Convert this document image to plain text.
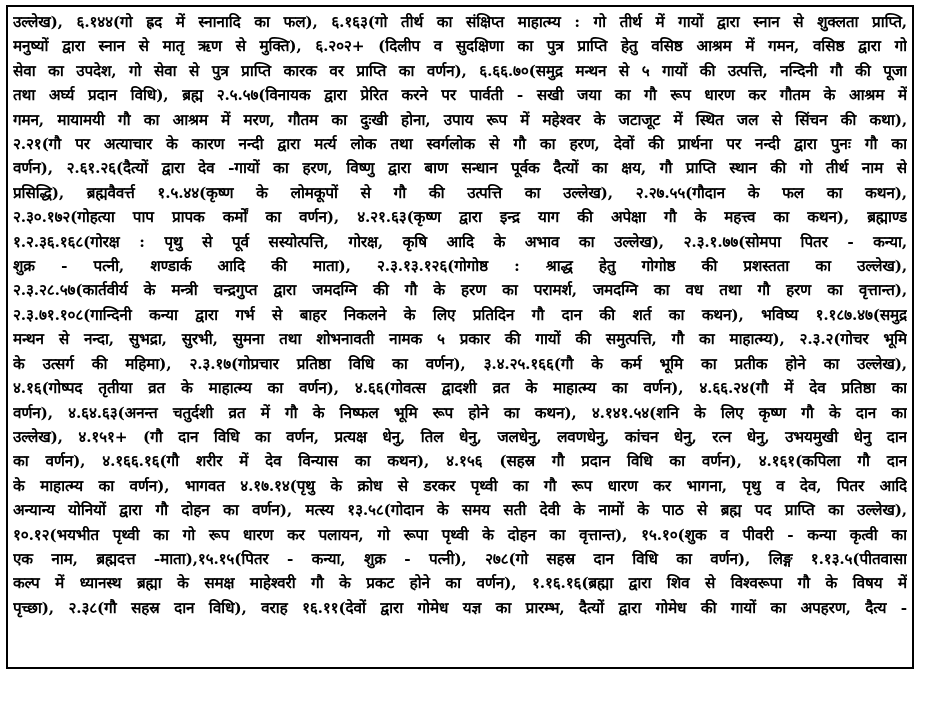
उल्लेख), ६.१४४(गो ह्रद में स्नानादि का फल), ६.१६३(गो तीर्थ का संक्षिप्त माहात्म्य : गो तीर्थ में गायों द्वारा स्नान से शुक्लता प्राप्ति,

मनुष्यों द्वारा स्नान से मातृ ऋण से मुक्ति), ६.२०२+ (दिलीप व सुदक्षिणा का पुत्र प्राप्ति हेतु वसिष्ठ आश्रम में गमन, वसिष्ठ द्वारा गो

सेवा का उपदेश, गो सेवा से पुत्र प्राप्ति कारक वर प्राप्ति का वर्णन), ६.६६.७०(समुद्र मन्थन से ५ गायों की उत्पत्ति, नन्दिनी गौ की पूजा

तथा अर्घ्य प्रदान विधि), ब्रह्म २.५.५७(विनायक द्वारा प्रेरित करने पर पार्वती - सखी जया का गौ रूप धारण कर गौतम के आश्रम में

गमन, मायामयी गौ का आश्रम में मरण, गौतम का दुःखी होना, उपाय रूप में महेश्वर के जटाजूट में स्थित जल से सिंचन की कथा),

२.२१(गौ पर अत्याचार के कारण नन्दी द्वारा मर्त्य लोक तथा स्वर्गलोक से गौ का हरण, देवों की प्रार्थना पर नन्दी द्वारा पुनः गौ का

वर्णन), २.६१.२६(दैत्यों द्वारा देव -गायों का हरण, विष्णु द्वारा बाण सन्धान पूर्वक दैत्यों का क्षय, गौ प्राप्ति स्थान की गो तीर्थ नाम से

प्रसिद्धि), ब्रह्मवैवर्त्त १.५.४४(कृष्ण के लोमकूपों से गौ की उत्पत्ति का उल्लेख), २.२७.५५(गौदान के फल का कथन),

२.३०.१७२(गोहत्या पाप प्रापक कर्मों का वर्णन), ४.२१.६३(कृष्ण द्वारा इन्द्र याग की अपेक्षा गौ के महत्त्व का कथन), ब्रह्माण्ड

१.२.३६.१६८(गोरक्ष : पृथु से पूर्व सस्योत्पत्ति, गोरक्ष, कृषि आदि के अभाव का उल्लेख), २.३.१.७७(सोमपा पितर - कन्या,

शुक्र - पत्नी, शण्डार्क आदि की माता), २.३.१३.१२६(गोगोष्ठ : श्राद्ध हेतु गोगोष्ठ की प्रशस्तता का उल्लेख),

२.३.२८.५७(कार्तवीर्य के मन्त्री चन्द्रगुप्त द्वारा जमदग्नि की गौ के हरण का परामर्श, जमदग्नि का वध तथा गौ हरण का वृत्तान्त),

२.३.७१.१०८(गान्दिनी कन्या द्वारा गर्भ से बाहर निकलने के लिए प्रतिदिन गौ दान की शर्त का कथन), भविष्य १.१८७.४७(समुद्र

मन्थन से नन्दा, सुभद्रा, सुरभी, सुमना तथा शोभनावती नामक ५ प्रकार की गायों की समुत्पत्ति, गौ का माहात्म्य), २.३.२(गोचर भूमि

के उत्सर्ग की महिमा), २.३.१७(गोप्रचार प्रतिष्ठा विधि का वर्णन), ३.४.२५.१६६(गौ के कर्म भूमि का प्रतीक होने का उल्लेख),

४.१६(गोष्पद तृतीया व्रत के माहात्म्य का वर्णन), ४.६६(गोवत्स द्वादशी व्रत के माहात्म्य का वर्णन), ४.६६.२४(गौ में देव प्रतिष्ठा का

वर्णन), ४.६४.६३(अनन्त चतुर्दशी व्रत में गौ के निष्फल भूमि रूप होने का कथन), ४.१४१.५४(शनि के लिए कृष्ण गौ के दान का

उल्लेख), ४.१५१+ (गौ दान विधि का वर्णन, प्रत्यक्ष धेनु, तिल धेनु, जलधेनु, लवणधेनु, कांचन धेनु, रत्न धेनु, उभयमुखी धेनु दान

का वर्णन), ४.१६६.१६(गौ शरीर में देव विन्यास का कथन), ४.१५६ (सहस्र गौ प्रदान विधि का वर्णन), ४.१६१(कपिला गौ दान

के माहात्म्य का वर्णन), भागवत ४.१७.१४(पृथु के क्रोध से डरकर पृथ्वी का गौ रूप धारण कर भागना, पृथु व देव, पितर आदि

अन्यान्य योनियों द्वारा गौ दोहन का वर्णन), मत्स्य १३.५८(गोदान के समय सती देवी के नामों के पाठ से ब्रह्म पद प्राप्ति का उल्लेख),

१०.१२(भयभीत पृथ्वी का गो रूप धारण कर पलायन, गो रूपा पृथ्वी के दोहन का वृत्तान्त), १५.१०(शुक व पीवरी - कन्या कृत्वी का

एक नाम, ब्रह्मदत्त -माता),१५.१५(पितर - कन्या, शुक्र - पत्नी), २७८(गो सहस्र दान विधि का वर्णन), लिङ्ग १.१३.५(पीतवासा

कल्प में ध्यानस्थ ब्रह्मा के समक्ष माहेश्वरी गौ के प्रकट होने का वर्णन), १.१६.१६(ब्रह्मा द्वारा शिव से विश्वरूपा गौ के विषय में

पृच्छा), २.३८(गौ सहस्र दान विधि), वराह १६.११(देवों द्वारा गोमेध यज्ञ का प्रारम्भ, दैत्यों द्वारा गोमेध की गायों का अपहरण, दैत्य -
